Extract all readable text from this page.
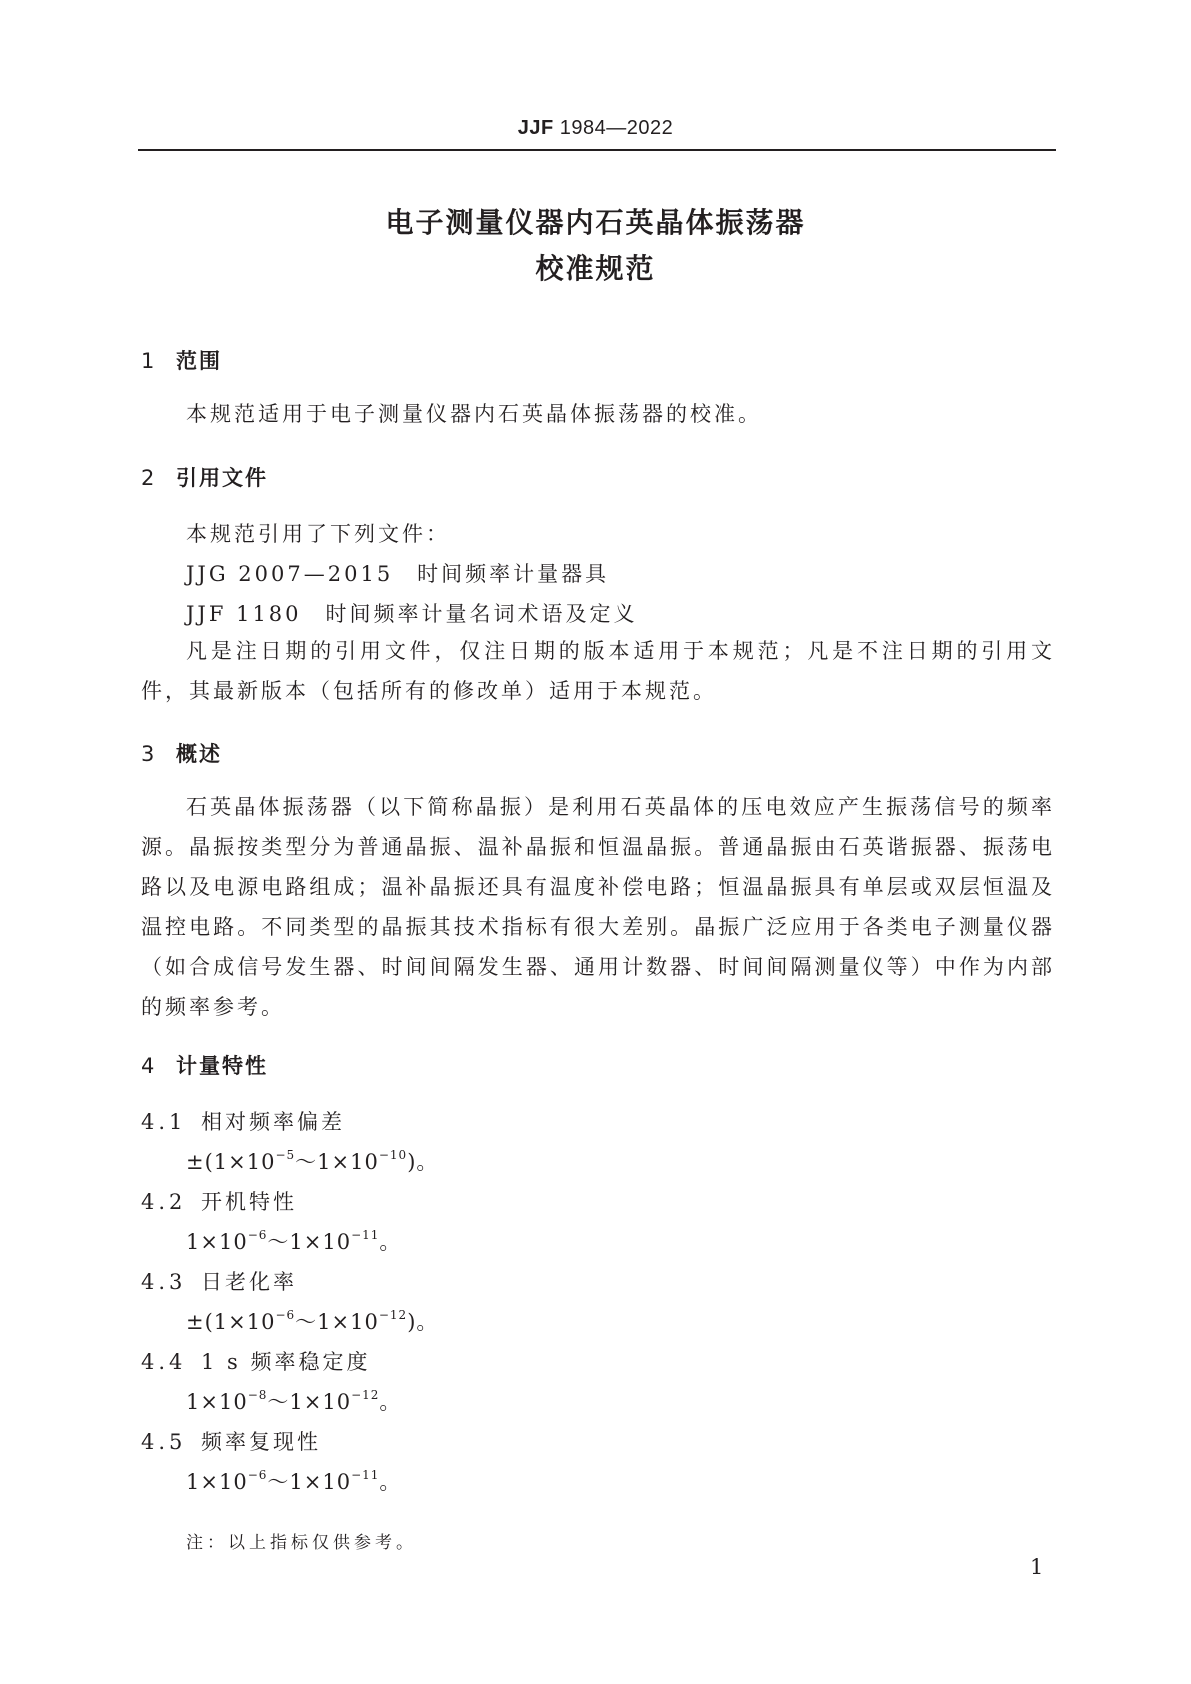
JJF 1984—2022
电子测量仪器内石英晶体振荡器
校准规范
1 范围
本规范适用于电子测量仪器内石英晶体振荡器的校准。
2 引用文件
本规范引用了下列文件：
JJG 2007—2015　时间频率计量器具
JJF 1180　时间频率计量名词术语及定义
凡是注日期的引用文件，仅注日期的版本适用于本规范；凡是不注日期的引用文
件，其最新版本（包括所有的修改单）适用于本规范。
3 概述
石英晶体振荡器（以下简称晶振）是利用石英晶体的压电效应产生振荡信号的频率
源。晶振按类型分为普通晶振、温补晶振和恒温晶振。普通晶振由石英谐振器、振荡电
路以及电源电路组成；温补晶振还具有温度补偿电路；恒温晶振具有单层或双层恒温及
温控电路。不同类型的晶振其技术指标有很大差别。晶振广泛应用于各类电子测量仪器
（如合成信号发生器、时间间隔发生器、通用计数器、时间间隔测量仪等）中作为内部
的频率参考。
4 计量特性
4.1 相对频率偏差
$\pm(1\times 10^{-5}\sim 1\times 10^{-10})$。
4.2 开机特性
$1\times 10^{-6}\sim 1\times 10^{-11}$。
4.3 日老化率
$\pm(1\times 10^{-6}\sim 1\times 10^{-12})$。
4.4 1 s 频率稳定度
$1\times 10^{-8}\sim 1\times 10^{-12}$。
4.5 频率复现性
$1\times 10^{-6}\sim 1\times 10^{-11}$。
注：以上指标仅供参考。
1
